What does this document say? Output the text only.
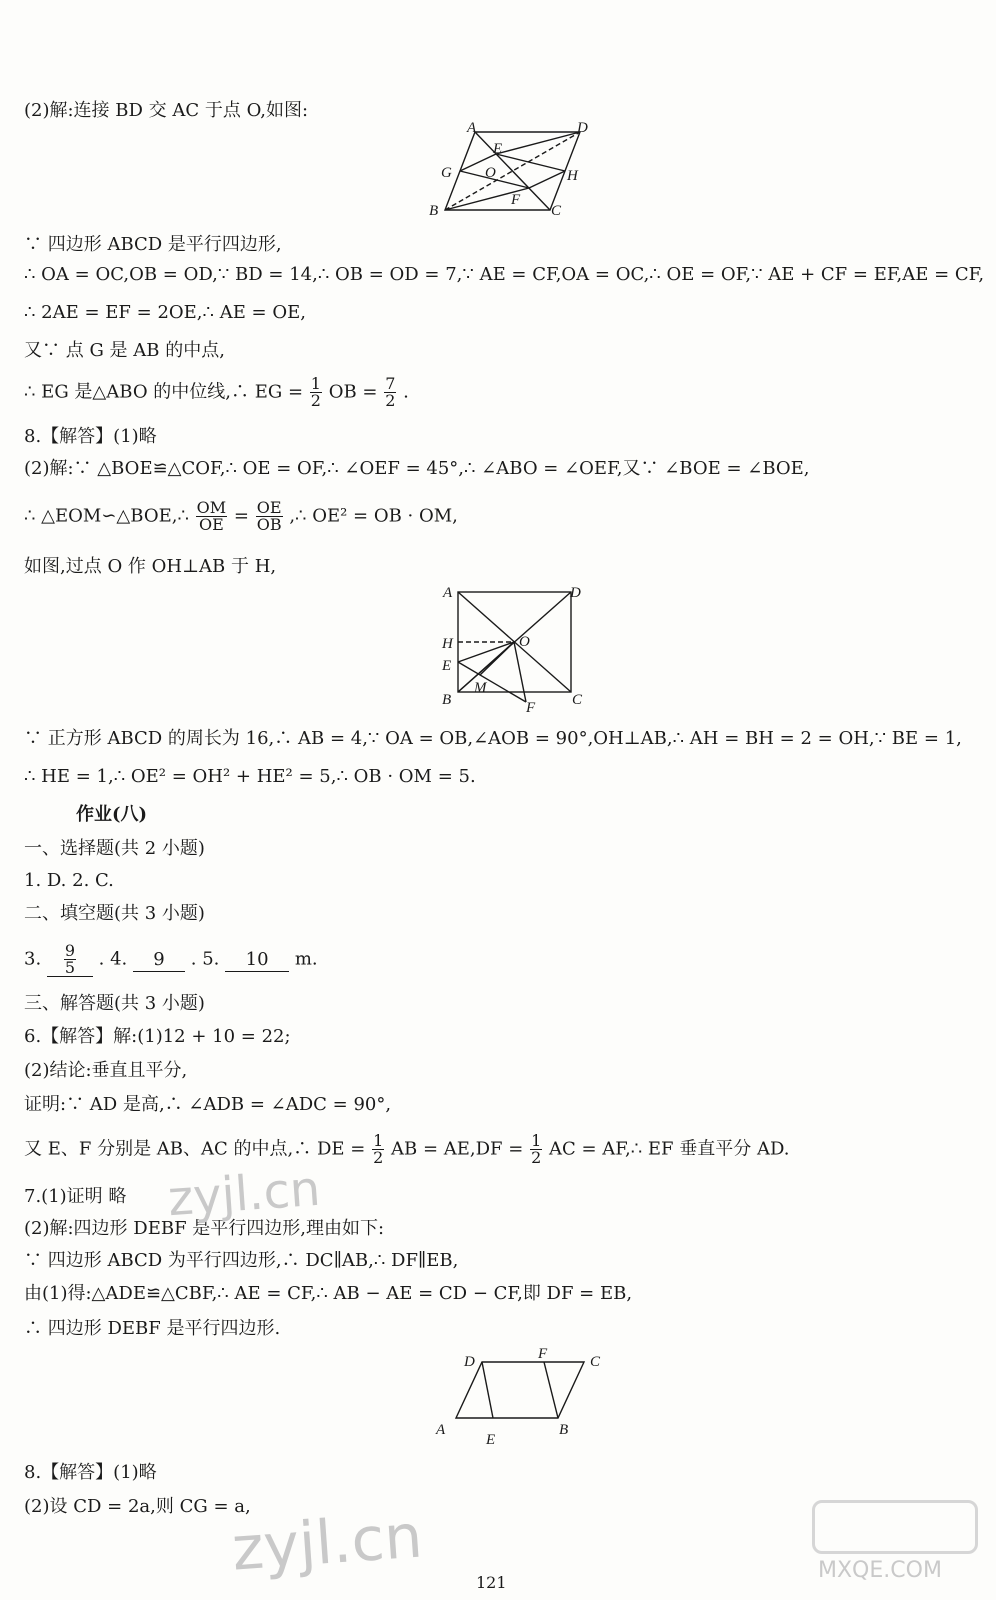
(2)解:连接 BD 交 AC 于点 O,如图:
A	D
E
G O	H
F
B	C
∵ 四边形 ABCD 是平行四边形,
∴ OA = OC,OB = OD,∵ BD = 14,∴ OB = OD = 7,∵ AE = CF,OA = OC,∴ OE = OF,∵ AE + CF = EF,AE = CF,
∴ 2AE = EF = 2OE,∴ AE = OE,
又∵ 点 G 是 AB 的中点,
∴ EG 是△ABO 的中位线,∴ EG = $\frac{1}{2}$ OB = $\frac{7}{2}$ .
8.【解答】(1)略
(2)解:∵ △BOE≌△COF,∴ OE = OF,∴ ∠OEF = 45°,∴ ∠ABO = ∠OEF,又∵ ∠BOE = ∠BOE,
∴ △EOM∽△BOE,∴ $\frac{OM}{OE} = \frac{OE}{OB}$ ,∴ OE² = OB · OM,
如图,过点 O 作 OH⊥AB 于 H,
A	D
H	O
E
M
B	F C
∵ 正方形 ABCD 的周长为 16,∴ AB = 4,∵ OA = OB,∠AOB = 90°,OH⊥AB,∴ AH = BH = 2 = OH,∵ BE = 1,
∴ HE = 1,∴ OE² = OH² + HE² = 5,∴ OB · OM = 5.
作业(八)
一、选择题(共 2 小题)
1. D. 2. C.
二、填空题(共 3 小题)
3. $\frac{9}{5}$ . 4. 9 . 5. 10 m.
三、解答题(共 3 小题)
6.【解答】解:(1)12 + 10 = 22;
(2)结论:垂直且平分,
证明:∵ AD 是高,∴ ∠ADB = ∠ADC = 90°,
又 E、F 分别是 AB、AC 的中点,∴ DE = $\frac{1}{2}$ AB = $AE,DF = \frac{1}{2}$ AC = AF,∴ EF 垂直平分 AD.
7.(1)证明 略
(2)解:四边形 DEBF 是平行四边形,理由如下:
∵ 四边形 ABCD 为平行四边形,∴ DC∥AB,∴ DF∥EB,
由(1)得:△ADE≌△CBF,∴ AE = CF,∴ AB − AE = CD − CF,即 DF = EB,
∴ 四边形 DEBF 是平行四边形.
D	F	C
A
E
B
8.【解答】(1)略
(2)设 CD = 2a,则 CG = a,
zyjl.cn
zyjl.cn	MXQE.COM
121
